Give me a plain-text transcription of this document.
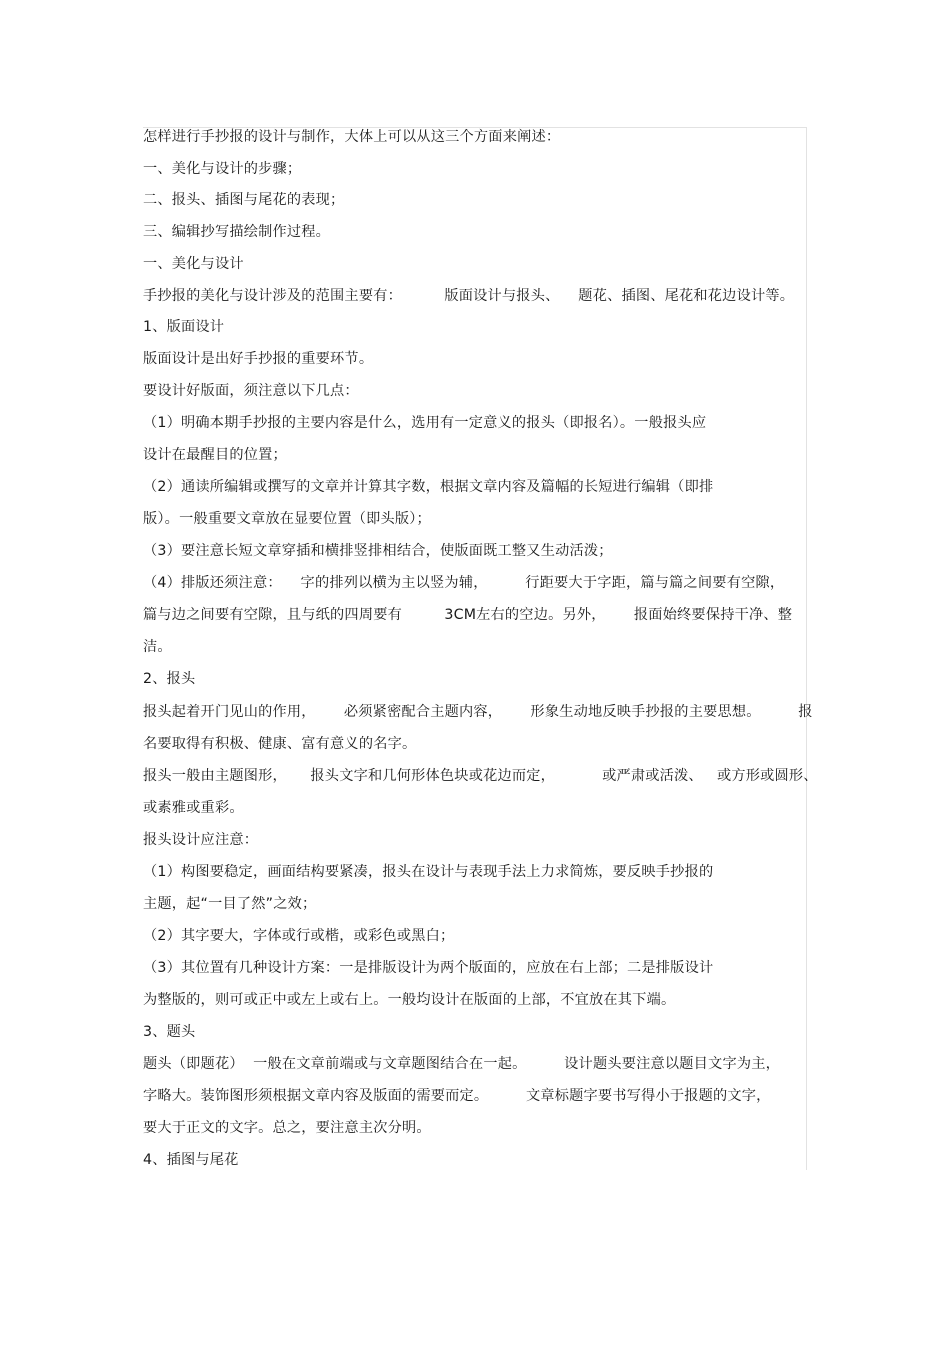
怎样进行手抄报的设计与制作，大体上可以从这三个方面来阐述：
一、美化与设计的步骤；
二、报头、插图与尾花的表现；
三、编辑抄写描绘制作过程。
一、美化与设计
手抄报的美化与设计涉及的范围主要有：         版面设计与报头、    题花、插图、尾花和花边设计等。
1、版面设计
版面设计是出好手抄报的重要环节。
要设计好版面，须注意以下几点：
（1）明确本期手抄报的主要内容是什么，选用有一定意义的报头（即报名）。一般报头应
设计在最醒目的位置；
（2）通读所编辑或撰写的文章并计算其字数，根据文章内容及篇幅的长短进行编辑（即排
版）。一般重要文章放在显要位置（即头版）；
（3）要注意长短文章穿插和横排竖排相结合，使版面既工整又生动活泼；
（4）排版还须注意：    字的排列以横为主以竖为辅，        行距要大于字距，篇与篇之间要有空隙，
篇与边之间要有空隙，且与纸的四周要有         3CM左右的空边。另外，      报面始终要保持干净、整
洁。
2、报头
报头起着开门见山的作用，      必须紧密配合主题内容，      形象生动地反映手抄报的主要思想。        报
名要取得有积极、健康、富有意义的名字。
报头一般由主题图形，     报头文字和几何形体色块或花边而定，          或严肃或活泼、   或方形或圆形、
或素雅或重彩。
报头设计应注意：
（1）构图要稳定，画面结构要紧凑，报头在设计与表现手法上力求简炼，要反映手抄报的
主题，起“一目了然”之效；
（2）其字要大，字体或行或楷，或彩色或黑白；
（3）其位置有几种设计方案：一是排版设计为两个版面的，应放在右上部；二是排版设计
为整版的，则可或正中或左上或右上。一般均设计在版面的上部，不宜放在其下端。
3、题头
题头（即题花）  一般在文章前端或与文章题图结合在一起。        设计题头要注意以题目文字为主，
字略大。装饰图形须根据文章内容及版面的需要而定。        文章标题字要书写得小于报题的文字，
要大于正文的文字。总之，要注意主次分明。
4、插图与尾花
